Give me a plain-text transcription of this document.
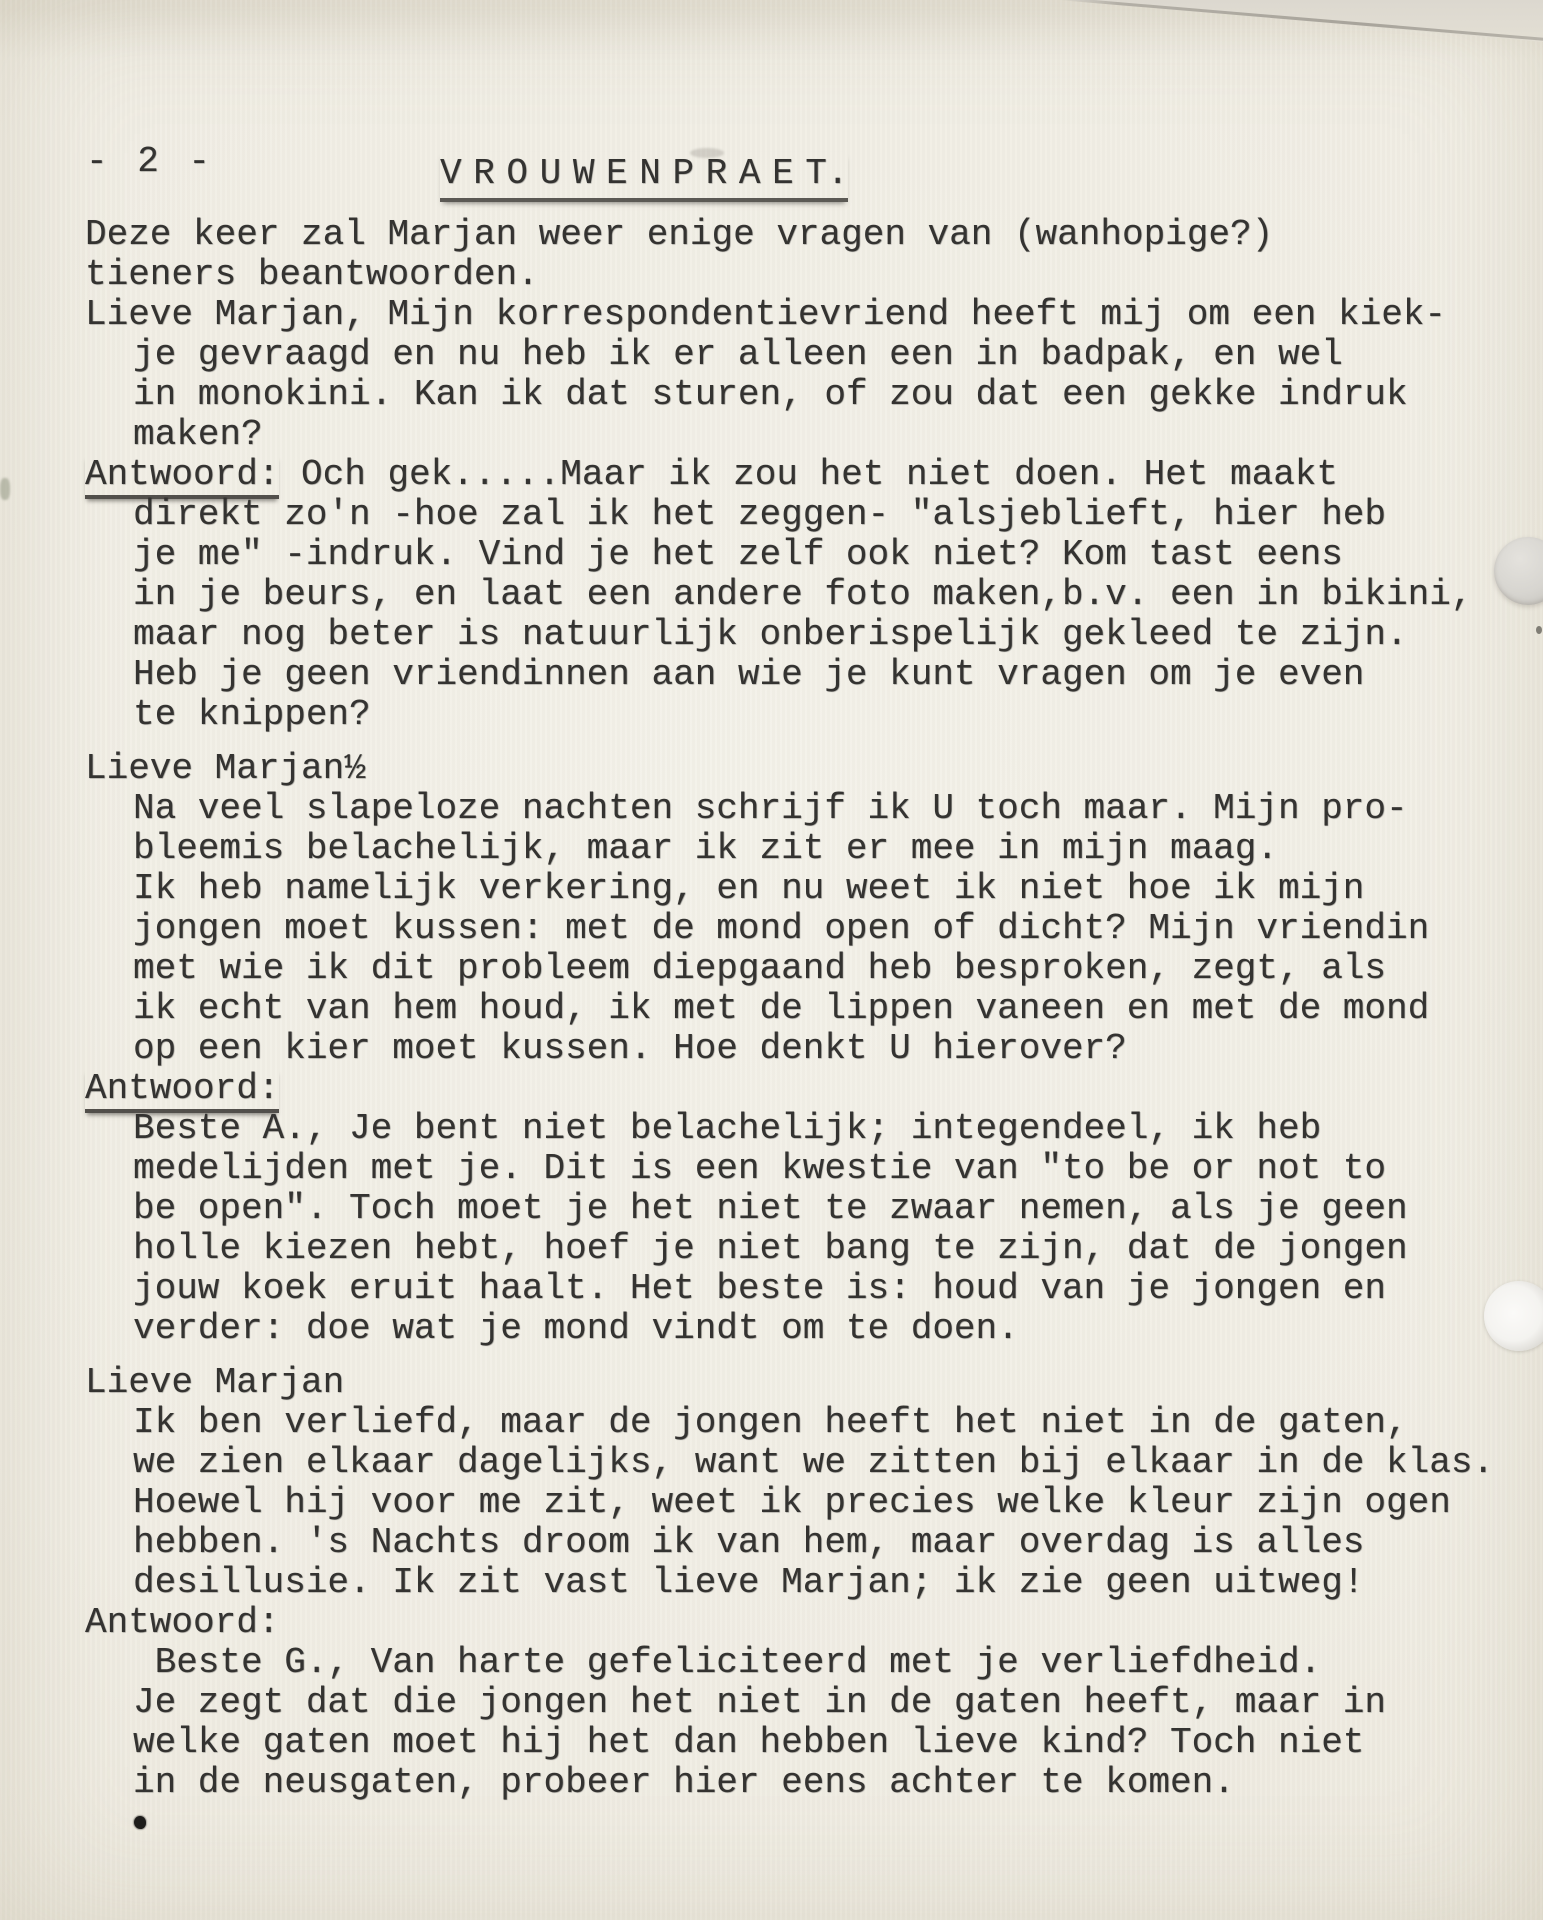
- 2 -	V R O U W E N P R A E T.
Deze keer zal Marjan weer enige vragen van (wanhopige?)
tieners beantwoorden.
Lieve Marjan, Mijn korrespondentievriend heeft mij om een kiek-
je gevraagd en nu heb ik er alleen een in badpak, en wel
in monokini. Kan ik dat sturen, of zou dat een gekke indruk
maken?
Antwoord: Och gek.....Maar ik zou het niet doen. Het maakt
direkt zo'n -hoe zal ik het zeggen- "alsjeblieft, hier heb
je me" -indruk. Vind je het zelf ook niet? Kom tast eens
in je beurs, en laat een andere foto maken,b.v. een in bikini,
maar nog beter is natuurlijk onberispelijk gekleed te zijn.
Heb je geen vriendinnen aan wie je kunt vragen om je even
te knippen?
Lieve Marjan½
Na veel slapeloze nachten schrijf ik U toch maar. Mijn pro-
bleemis belachelijk, maar ik zit er mee in mijn maag.
Ik heb namelijk verkering, en nu weet ik niet hoe ik mijn
jongen moet kussen: met de mond open of dicht? Mijn vriendin
met wie ik dit probleem diepgaand heb besproken, zegt, als
ik echt van hem houd, ik met de lippen vaneen en met de mond
op een kier moet kussen. Hoe denkt U hierover?
Antwoord:
Beste A., Je bent niet belachelijk; integendeel, ik heb
medelijden met je. Dit is een kwestie van "to be or not to
be open". Toch moet je het niet te zwaar nemen, als je geen
holle kiezen hebt, hoef je niet bang te zijn, dat de jongen
jouw koek eruit haalt. Het beste is: houd van je jongen en
verder: doe wat je mond vindt om te doen.
Lieve Marjan
Ik ben verliefd, maar de jongen heeft het niet in de gaten,
we zien elkaar dagelijks, want we zitten bij elkaar in de klas.
Hoewel hij voor me zit, weet ik precies welke kleur zijn ogen
hebben. 's Nachts droom ik van hem, maar overdag is alles
desillusie. Ik zit vast lieve Marjan; ik zie geen uitweg!
Antwoord:
Beste G., Van harte gefeliciteerd met je verliefdheid.
Je zegt dat die jongen het niet in de gaten heeft, maar in
welke gaten moet hij het dan hebben lieve kind? Toch niet
in de neusgaten, probeer hier eens achter te komen.
